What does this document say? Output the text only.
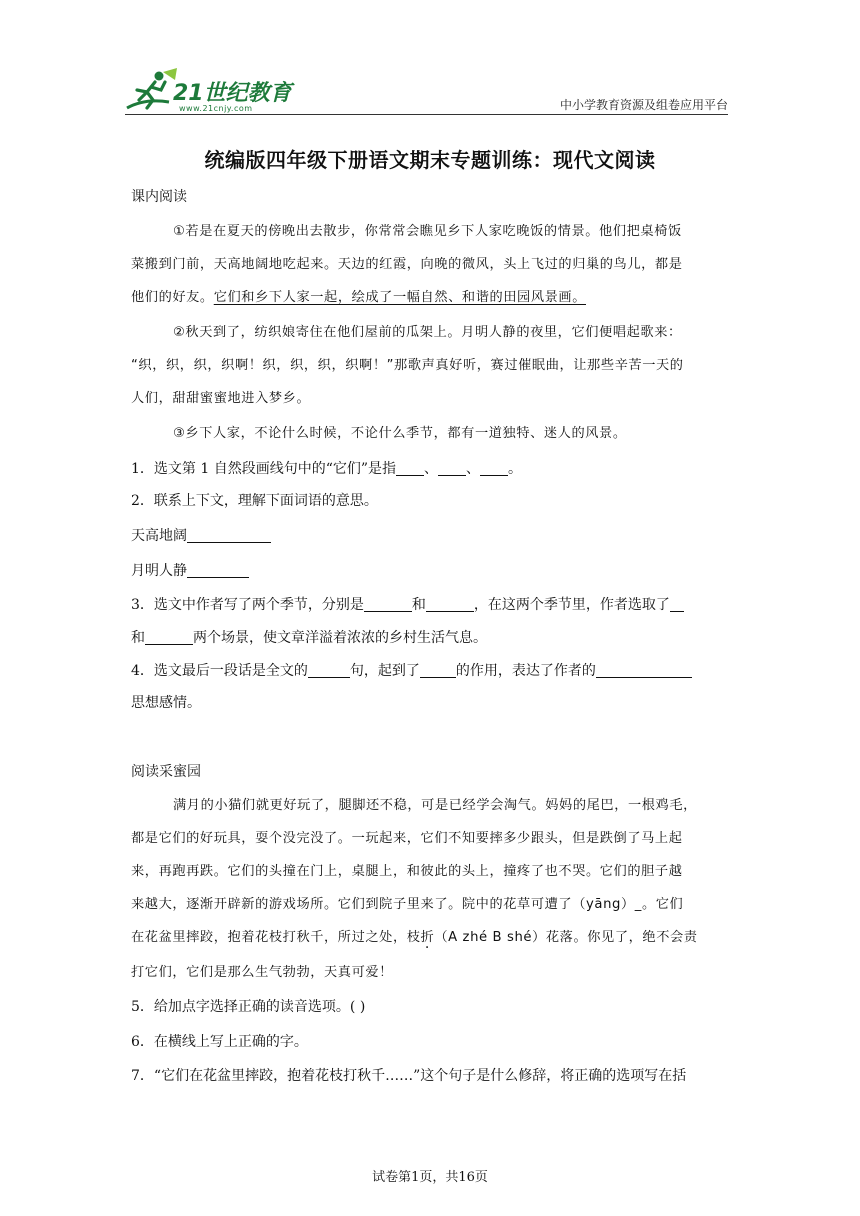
21世纪教育
www.21cnjy.com	中小学教育资源及组卷应用平台
统编版四年级下册语文期末专题训练：现代文阅读
课内阅读
①若是在夏天的傍晚出去散步，你常常会瞧见乡下人家吃晚饭的情景。他们把桌椅饭
菜搬到门前，天高地阔地吃起来。天边的红霞，向晚的微风，头上飞过的归巢的鸟儿，都是
他们的好友。它们和乡下人家一起，绘成了一幅自然、和谐的田园风景画。
②秋天到了，纺织娘寄住在他们屋前的瓜架上。月明人静的夜里，它们便唱起歌来：
“织，织，织，织啊！织，织，织，织啊！”那歌声真好听，赛过催眠曲，让那些辛苦一天的
人们，甜甜蜜蜜地进入梦乡。
③乡下人家，不论什么时候，不论什么季节，都有一道独特、迷人的风景。
1．选文第 1 自然段画线句中的“它们”是指 、 、 。
2．联系上下文，理解下面词语的意思。
天高地阔
月明人静
3．选文中作者写了两个季节，分别是	和	，在这两个季节里，作者选取了
和	两个场景，使文章洋溢着浓浓的乡村生活气息。
4．选文最后一段话是全文的	句，起到了	的作用，表达了作者的
思想感情。
阅读采蜜园
满月的小猫们就更好玩了，腿脚还不稳，可是已经学会淘气。妈妈的尾巴，一根鸡毛，
都是它们的好玩具，耍个没完没了。一玩起来，它们不知要摔多少跟头，但是跌倒了马上起
来，再跑再跌。它们的头撞在门上，桌腿上，和彼此的头上，撞疼了也不哭。它们的胆子越
来越大，逐渐开辟新的游戏场所。它们到院子里来了。院中的花草可遭了（yāng）_。它们
在花盆里摔跤，抱着花枝打秋千，所过之处，枝折（A zhé B shé）花落。你见了，绝不会责
打它们，它们是那么生气勃勃，天真可爱！
5．给加点字选择正确的读音选项。( )
6．在横线上写上正确的字。
7．“它们在花盆里摔跤，抱着花枝打秋千……”这个句子是什么修辞，将正确的选项写在括
试卷第1页，共16页
